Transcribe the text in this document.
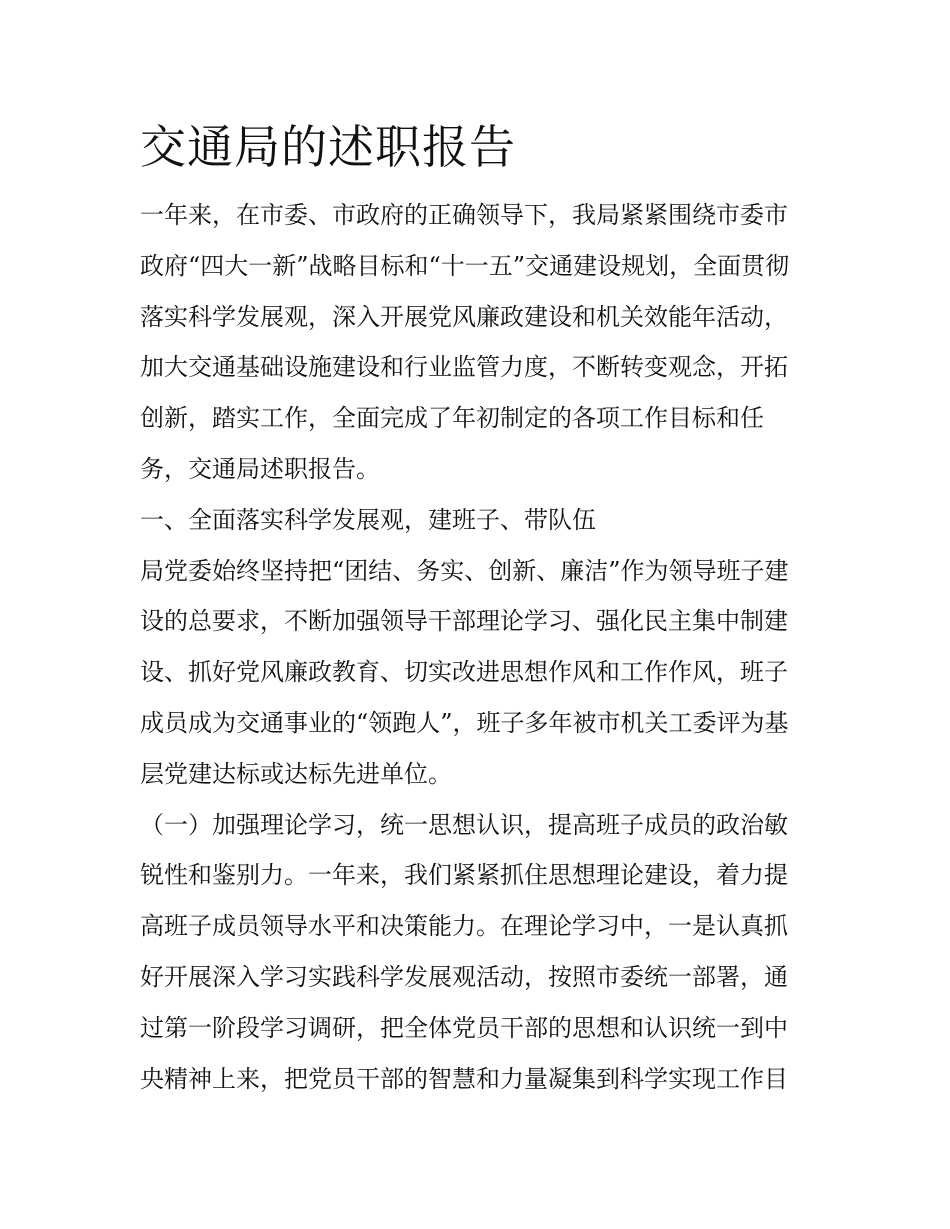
交通局的述职报告

一年来，在市委、市政府的正确领导下，我局紧紧围绕市委市

政府“四大一新”战略目标和“十一五”交通建设规划，全面贯彻

落实科学发展观，深入开展党风廉政建设和机关效能年活动，

加大交通基础设施建设和行业监管力度，不断转变观念，开拓

创新，踏实工作，全面完成了年初制定的各项工作目标和任

务，交通局述职报告。

一、全面落实科学发展观，建班子、带队伍

局党委始终坚持把“团结、务实、创新、廉洁”作为领导班子建

设的总要求，不断加强领导干部理论学习、强化民主集中制建

设、抓好党风廉政教育、切实改进思想作风和工作作风，班子

成员成为交通事业的“领跑人”，班子多年被市机关工委评为基

层党建达标或达标先进单位。

（一）加强理论学习，统一思想认识，提高班子成员的政治敏

锐性和鉴别力。一年来，我们紧紧抓住思想理论建设，着力提

高班子成员领导水平和决策能力。在理论学习中，一是认真抓

好开展深入学习实践科学发展观活动，按照市委统一部署，通

过第一阶段学习调研，把全体党员干部的思想和认识统一到中

央精神上来，把党员干部的智慧和力量凝集到科学实现工作目
